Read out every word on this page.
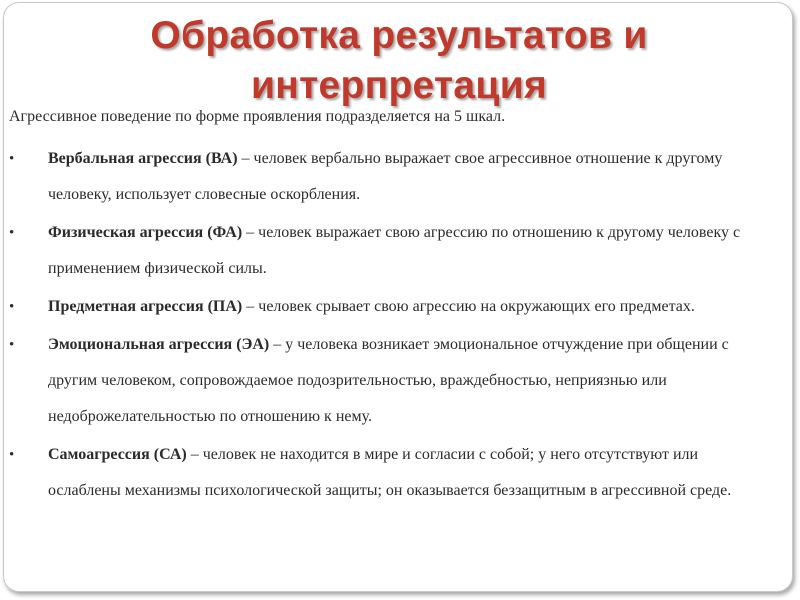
Обработка результатов и
интерпретация
Агрессивное поведение по форме проявления подразделяется на 5 шкал.
• Вербальная агрессия (ВА) – человек вербально выражает свое агрессивное отношение к другому человеку, использует словесные оскорбления.
• Физическая агрессия (ФА) – человек выражает свою агрессию по отношению к другому человеку с применением физической силы.
• Предметная агрессия (ПА) – человек срывает свою агрессию на окружающих его предметах.
• Эмоциональная агрессия (ЭА) – у человека возникает эмоциональное отчуждение при общении с другим человеком, сопровождаемое подозрительностью, враждебностью, неприязнью или недоброжелательностью по отношению к нему.
• Самоагрессия (СА) – человек не находится в мире и согласии с собой; у него отсутствуют или ослаблены механизмы психологической защиты; он оказывается беззащитным в агрессивной среде.
